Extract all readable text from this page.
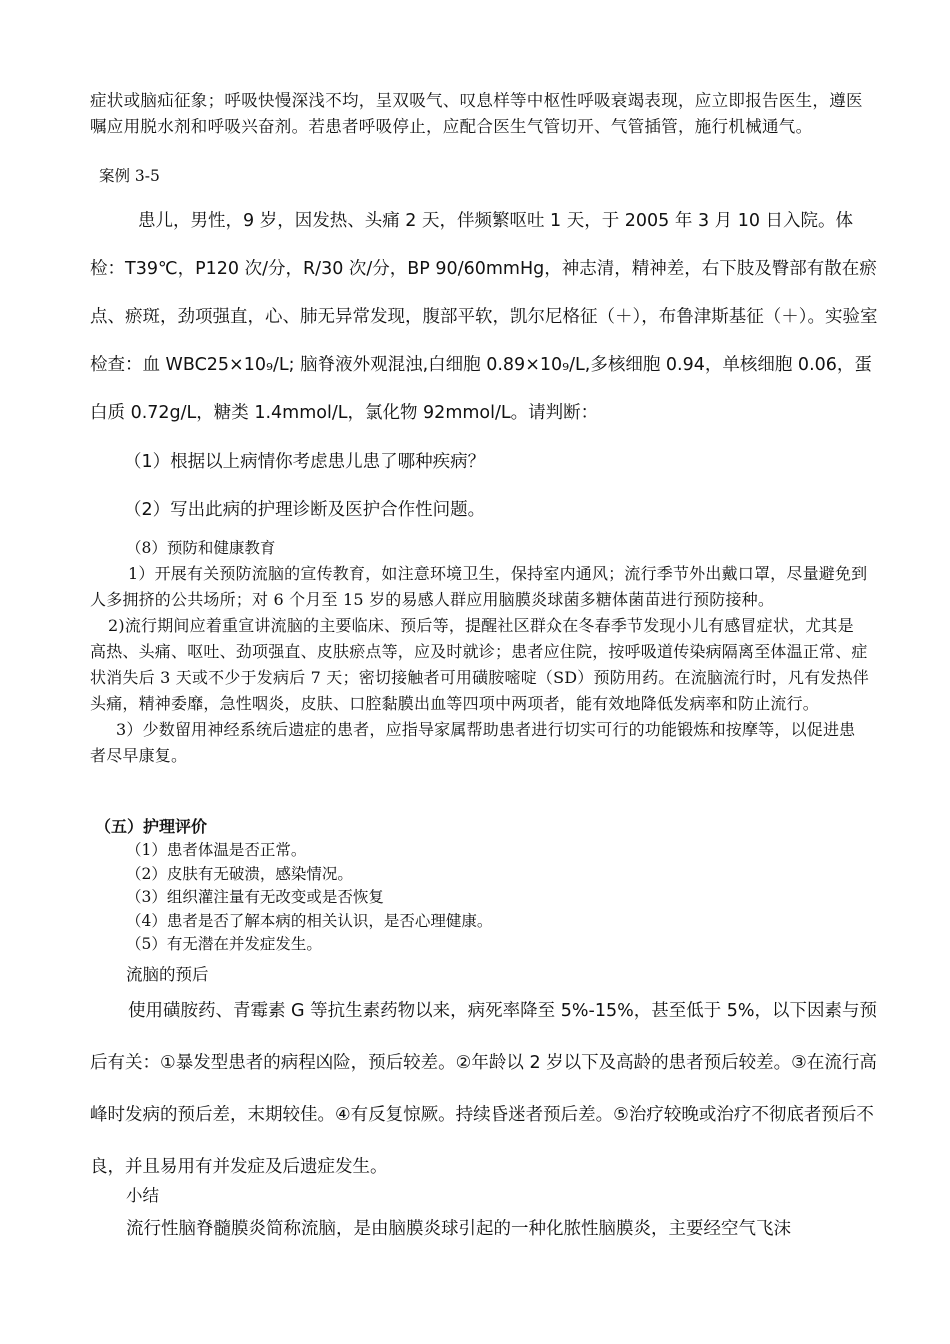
症状或脑疝征象；呼吸快慢深浅不均，呈双吸气、叹息样等中枢性呼吸衰竭表现，应立即报告医生，遵医嘱应用脱水剂和呼吸兴奋剂。若患者呼吸停止，应配合医生气管切开、气管插管，施行机械通气。
案例 3-5
患儿，男性，9 岁，因发热、头痛 2 天，伴频繁呕吐 1 天，于 2005 年 3 月 10 日入院。体检：T39℃，P120 次/分，R/30 次/分，BP 90/60mmHg，神志清，精神差，右下肢及臀部有散在瘀点、瘀斑，劲项强直，心、肺无异常发现，腹部平软，凯尔尼格征（＋），布鲁津斯基征（＋）。实验室检查：血 WBC25×10₉/L; 脑脊液外观混浊,白细胞 0.89×10₉/L,多核细胞 0.94，单核细胞 0.06，蛋白质 0.72g/L，糖类 1.4mmol/L，氯化物 92mmol/L。请判断：
（1）根据以上病情你考虑患儿患了哪种疾病？
（2）写出此病的护理诊断及医护合作性问题。
（8）预防和健康教育

1）开展有关预防流脑的宣传教育，如注意环境卫生，保持室内通风；流行季节外出戴口罩，尽量避免到人多拥挤的公共场所；对 6 个月至 15 岁的易感人群应用脑膜炎球菌多糖体菌苗进行预防接种。

2)流行期间应着重宣讲流脑的主要临床、预后等，提醒社区群众在冬春季节发现小儿有感冒症状，尤其是高热、头痛、呕吐、劲项强直、皮肤瘀点等，应及时就诊；患者应住院，按呼吸道传染病隔离至体温正常、症状消失后 3 天或不少于发病后 7 天；密切接触者可用磺胺嘧啶（SD）预防用药。在流脑流行时，凡有发热伴头痛，精神委靡，急性咽炎，皮肤、口腔黏膜出血等四项中两项者，能有效地降低发病率和防止流行。

3）少数留用神经系统后遗症的患者，应指导家属帮助患者进行切实可行的功能锻炼和按摩等，以促进患者尽早康复。

（五）护理评价
（1）患者体温是否正常。
（2）皮肤有无破溃，感染情况。
（3）组织灌注量有无改变或是否恢复
（4）患者是否了解本病的相关认识，是否心理健康。
（5）有无潜在并发症发生。
流脑的预后
使用磺胺药、青霉素 G 等抗生素药物以来，病死率降至 5%-15%，甚至低于 5%，以下因素与预后有关：①暴发型患者的病程凶险，预后较差。②年龄以 2 岁以下及高龄的患者预后较差。③在流行高峰时发病的预后差，末期较佳。④有反复惊厥。持续昏迷者预后差。⑤治疗较晚或治疗不彻底者预后不良，并且易用有并发症及后遗症发生。
小结
流行性脑脊髓膜炎简称流脑，是由脑膜炎球引起的一种化脓性脑膜炎，主要经空气飞沫
